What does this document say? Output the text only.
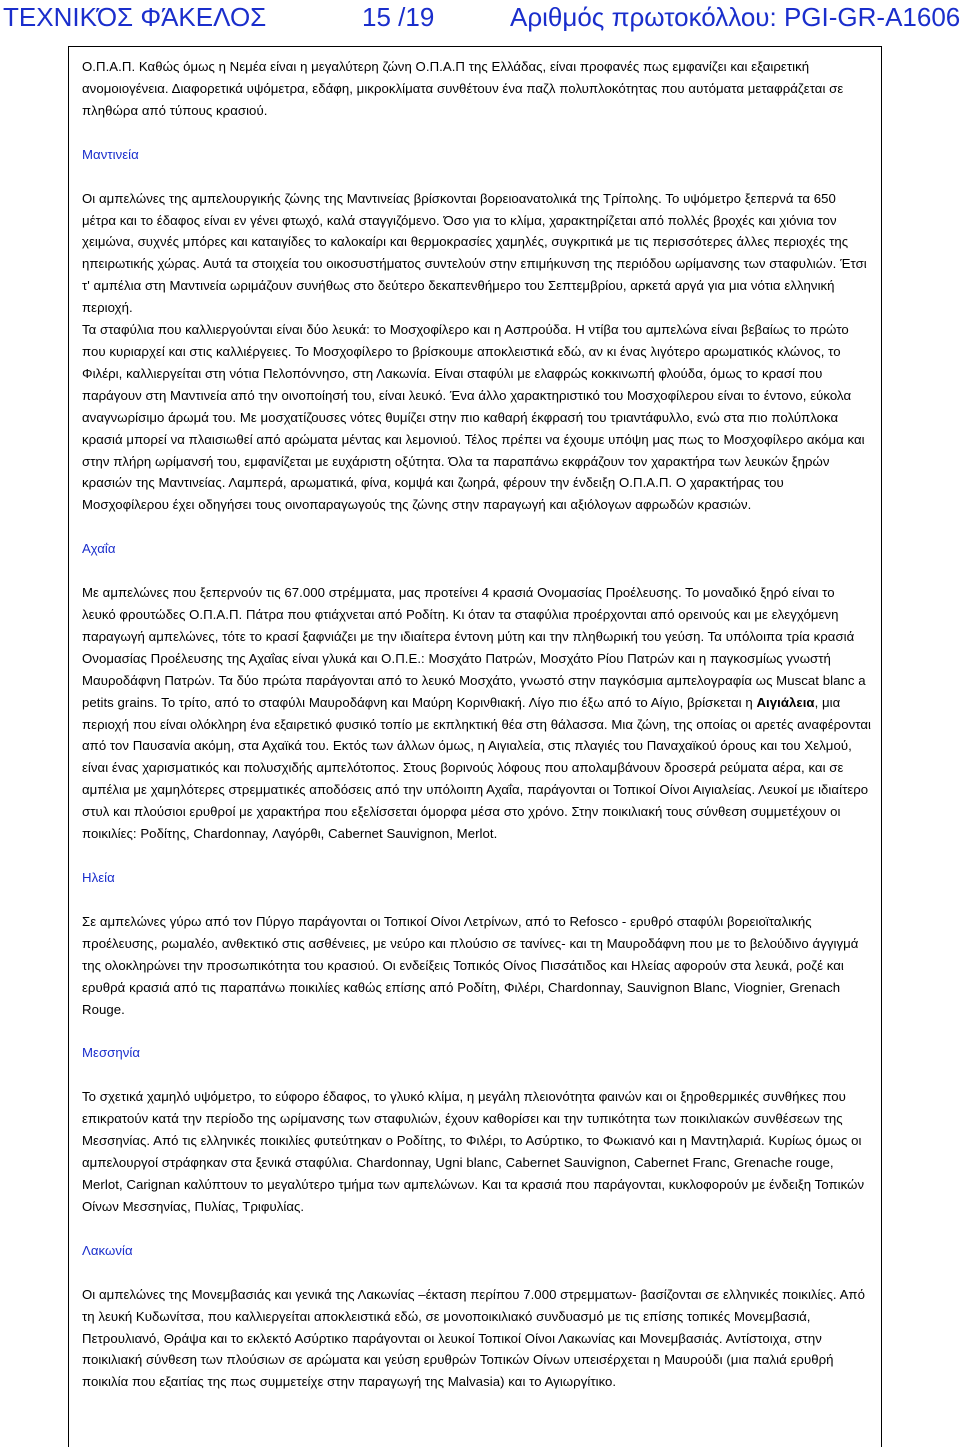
ΤΕΧΝΙΚΌΣ ΦΆΚΕΛΟΣ	15 /19	Αριθμός πρωτοκόλλου: PGI-GR-A1606

Ο.Π.Α.Π. Καθώς όμως η Νεμέα είναι η μεγαλύτερη ζώνη Ο.Π.Α.Π της Ελλάδας, είναι προφανές πως εμφανίζει και εξαιρετική ανομοιογένεια. Διαφορετικά υψόμετρα, εδάφη, μικροκλίματα συνθέτουν ένα παζλ πολυπλοκότητας που αυτόματα μεταφράζεται σε πληθώρα από τύπους κρασιού.

Μαντινεία

Οι αμπελώνες της αμπελουργικής ζώνης της Μαντινείας βρίσκονται βορειοανατολικά της Τρίπολης. Το υψόμετρο ξεπερνά τα 650 μέτρα και το έδαφος είναι εν γένει φτωχό, καλά σταγγιζόμενο. Όσο για το κλίμα, χαρακτηρίζεται από πολλές βροχές και χιόνια τον χειμώνα, συχνές μπόρες και καταιγίδες το καλοκαίρι και θερμοκρασίες χαμηλές, συγκριτικά με τις περισσότερες άλλες περιοχές της ηπειρωτικής χώρας. Αυτά τα στοιχεία του οικοσυστήματος συντελούν στην επιμήκυνση της περιόδου ωρίμανσης των σταφυλιών. Έτσι τ' αμπέλια στη Μαντινεία ωριμάζουν συνήθως στο δεύτερο δεκαπενθήμερο του Σεπτεμβρίου, αρκετά αργά για μια νότια ελληνική περιοχή.

Τα σταφύλια που καλλιεργούνται είναι δύο λευκά: το Μοσχοφίλερο και η Ασπρούδα. Η ντίβα του αμπελώνα είναι βεβαίως το πρώτο που κυριαρχεί και στις καλλιέργειες. Το Μοσχοφίλερο το βρίσκουμε αποκλειστικά εδώ, αν κι ένας λιγότερο αρωματικός κλώνος, το Φιλέρι, καλλιεργείται στη νότια Πελοπόννησο, στη Λακωνία. Είναι σταφύλι με ελαφρώς κοκκινωπή φλούδα, όμως το κρασί που παράγουν στη Μαντινεία από την οινοποίησή του, είναι λευκό. Ένα άλλο χαρακτηριστικό του Μοσχοφίλερου είναι το έντονο, εύκολα αναγνωρίσιμο άρωμά του. Με μοσχατίζουσες νότες θυμίζει στην πιο καθαρή έκφρασή του τριαντάφυλλο, ενώ στα πιο πολύπλοκα κρασιά μπορεί να πλαισιωθεί από αρώματα μέντας και λεμονιού. Τέλος πρέπει να έχουμε υπόψη μας πως το Μοσχοφίλερο ακόμα και στην πλήρη ωρίμανσή του, εμφανίζεται με ευχάριστη οξύτητα. Όλα τα παραπάνω εκφράζουν τον χαρακτήρα των λευκών ξηρών κρασιών της Μαντινείας. Λαμπερά, αρωματικά, φίνα, κομψά και ζωηρά, φέρουν την ένδειξη Ο.Π.Α.Π. Ο χαρακτήρας του Μοσχοφίλερου έχει οδηγήσει τους οινοπαραγωγούς της ζώνης στην παραγωγή και αξιόλογων αφρωδών κρασιών.

Αχαΐα

Με αμπελώνες που ξεπερνούν τις 67.000 στρέμματα, μας προτείνει 4 κρασιά Ονομασίας Προέλευσης. Το μοναδικό ξηρό είναι το λευκό φρουτώδες Ο.Π.Α.Π. Πάτρα που φτιάχνεται από Ροδίτη. Κι όταν τα σταφύλια προέρχονται από ορεινούς και με ελεγχόμενη παραγωγή αμπελώνες, τότε το κρασί ξαφνιάζει με την ιδιαίτερα έντονη μύτη και την πληθωρική του γεύση. Τα υπόλοιπα τρία κρασιά Ονομασίας Προέλευσης της Αχαΐας είναι γλυκά και Ο.Π.Ε.: Μοσχάτο Πατρών, Μοσχάτο Ρίου Πατρών και η παγκοσμίως γνωστή Μαυροδάφνη Πατρών. Τα δύο πρώτα παράγονται από το λευκό Μοσχάτο, γνωστό στην παγκόσμια αμπελογραφία ως Muscat blanc a petits grains. Το τρίτο, από το σταφύλι Μαυροδάφνη και Μαύρη Κορινθιακή. Λίγο πιο έξω από το Αίγιο, βρίσκεται η Αιγιάλεια, μια περιοχή που είναι ολόκληρη ένα εξαιρετικό φυσικό τοπίο με εκπληκτική θέα στη θάλασσα. Μια ζώνη, της οποίας οι αρετές αναφέρονται από τον Παυσανία ακόμη, στα Αχαϊκά του. Εκτός των άλλων όμως, η Αιγιαλεία, στις πλαγιές του Παναχαϊκού όρους και του Χελμού, είναι ένας χαρισματικός και πολυσχιδής αμπελότοπος. Στους βορινούς λόφους που απολαμβάνουν δροσερά ρεύματα αέρα, και σε αμπέλια με χαμηλότερες στρεμματικές αποδόσεις από την υπόλοιπη Αχαΐα, παράγονται οι Τοπικοί Οίνοι Αιγιαλείας. Λευκοί με ιδιαίτερο στυλ και πλούσιοι ερυθροί με χαρακτήρα που εξελίσσεται όμορφα μέσα στο χρόνο. Στην ποικιλιακή τους σύνθεση συμμετέχουν οι ποικιλίες: Ροδίτης, Chardonnay, Λαγόρθι, Cabernet Sauvignon, Merlot.

Ηλεία

Σε αμπελώνες γύρω από τον Πύργο παράγονται οι Τοπικοί Οίνοι Λετρίνων, από το Refosco - ερυθρό σταφύλι βορειοϊταλικής προέλευσης, ρωμαλέο, ανθεκτικό στις ασθένειες, με νεύρο και πλούσιο σε τανίνες- και τη Μαυροδάφνη που με το βελούδινο άγγιγμά της ολοκληρώνει την προσωπικότητα του κρασιού. Οι ενδείξεις Τοπικός Οίνος Πισσάτιδος και Ηλείας αφορούν στα λευκά, ροζέ και ερυθρά κρασιά από τις παραπάνω ποικιλίες καθώς επίσης από Ροδίτη, Φιλέρι, Chardonnay, Sauvignon Blanc, Viognier, Grenach Rouge.

Μεσσηνία

Το σχετικά χαμηλό υψόμετρο, το εύφορο έδαφος, το γλυκό κλίμα, η μεγάλη πλειονότητα φαινών και οι ξηροθερμικές συνθήκες που επικρατούν κατά την περίοδο της ωρίμανσης των σταφυλιών, έχουν καθορίσει και την τυπικότητα των ποικιλιακών συνθέσεων της Μεσσηνίας. Από τις ελληνικές ποικιλίες φυτεύτηκαν ο Ροδίτης, το Φιλέρι, το Ασύρτικο, το Φωκιανό και η Μαντηλαριά. Κυρίως όμως οι αμπελουργοί στράφηκαν στα ξενικά σταφύλια. Chardonnay, Ugni blanc, Cabernet Sauvignon, Cabernet Franc, Grenache rouge, Merlot, Carignan καλύπτουν το μεγαλύτερο τμήμα των αμπελώνων. Και τα κρασιά που παράγονται, κυκλοφορούν με ένδειξη Τοπικών Οίνων Μεσσηνίας, Πυλίας, Τριφυλίας.

Λακωνία

Οι αμπελώνες της Μονεμβασιάς και γενικά της Λακωνίας –έκταση περίπου 7.000 στρεμματων- βασίζονται σε ελληνικές ποικιλίες. Από τη λευκή Κυδωνίτσα, που καλλιεργείται αποκλειστικά εδώ, σε μονοποικιλιακό συνδυασμό με τις επίσης τοπικές Μονεμβασιά, Πετρουλιανό, Θράψα και το εκλεκτό Ασύρτικο παράγονται οι λευκοί Τοπικοί Οίνοι Λακωνίας και Μονεμβασιάς. Αντίστοιχα, στην ποικιλιακή σύνθεση των πλούσιων σε αρώματα και γεύση ερυθρών Τοπικών Οίνων υπεισέρχεται η Μαυρούδι (μια παλιά ερυθρή ποικιλία που εξαιτίας της πως συμμετείχε στην παραγωγή της Malvasia) και το Αγιωργίτικο.
